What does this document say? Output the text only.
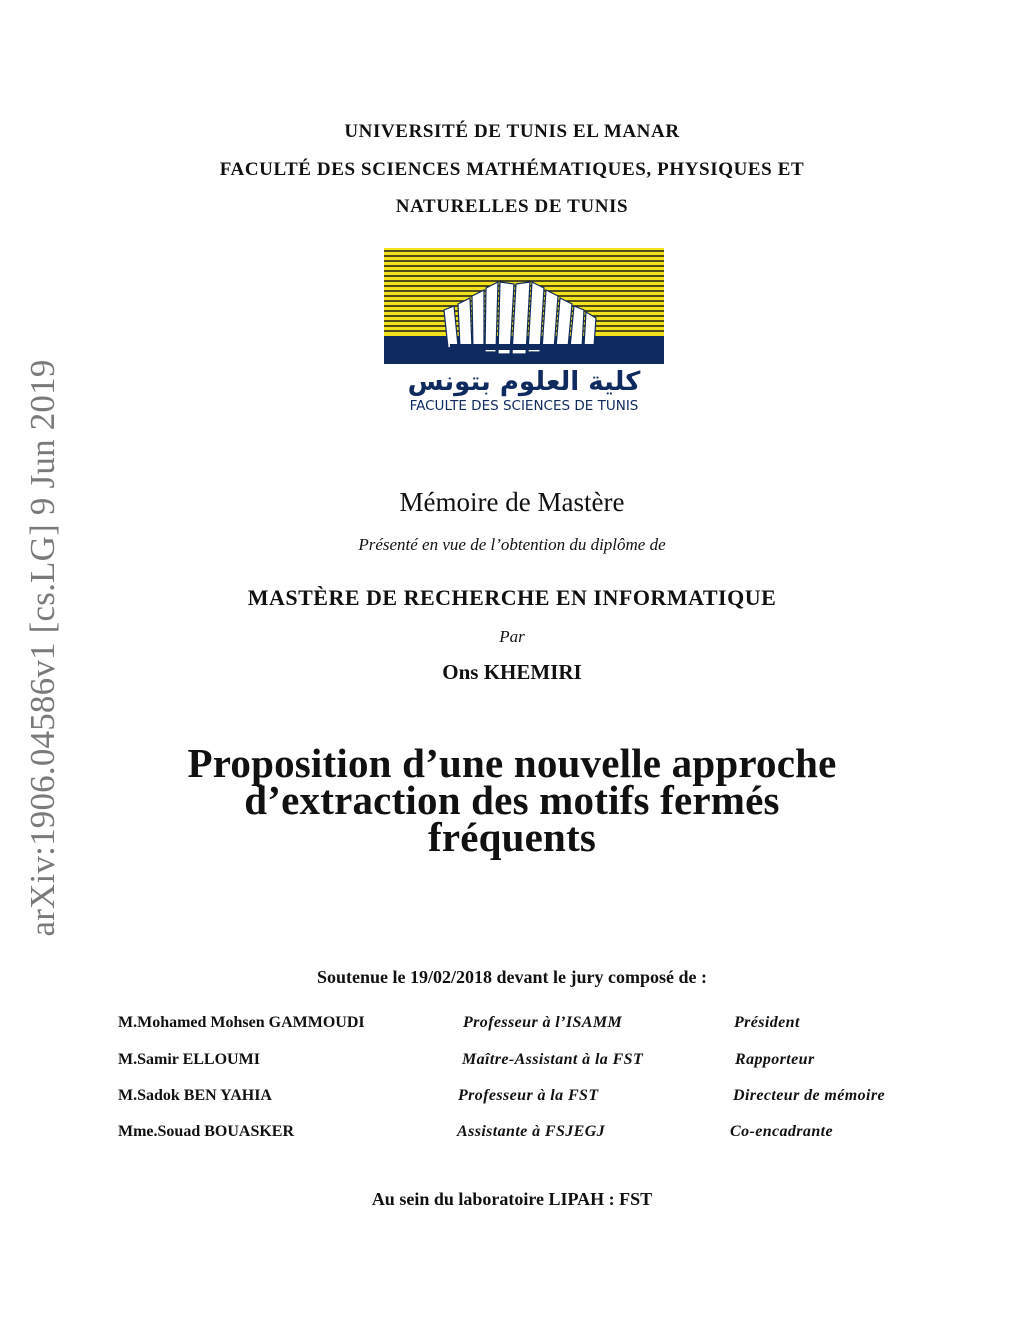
arXiv:1906.04586v1 [cs.LG] 9 Jun 2019
UNIVERSITÉ DE TUNIS EL MANAR
FACULTÉ DES SCIENCES MATHÉMATIQUES, PHYSIQUES ET
NATURELLES DE TUNIS
كلية العلوم بتونس
FACULTE DES SCIENCES DE TUNIS
Mémoire de Mastère
Présenté en vue de l’obtention du diplôme de
MASTÈRE DE RECHERCHE EN INFORMATIQUE
Par
Ons KHEMIRI
Proposition d’une nouvelle approche
d’extraction des motifs fermés
fréquents
Soutenue le 19/02/2018 devant le jury composé de :
M.Mohamed Mohsen GAMMOUDI	Professeur à l’ISAMM	Président
M.Samir ELLOUMI	Maître-Assistant à la FST	Rapporteur
M.Sadok BEN YAHIA	Professeur à la FST	Directeur de mémoire
Mme.Souad BOUASKER	Assistante à FSJEGJ	Co-encadrante
Au sein du laboratoire LIPAH : FST
